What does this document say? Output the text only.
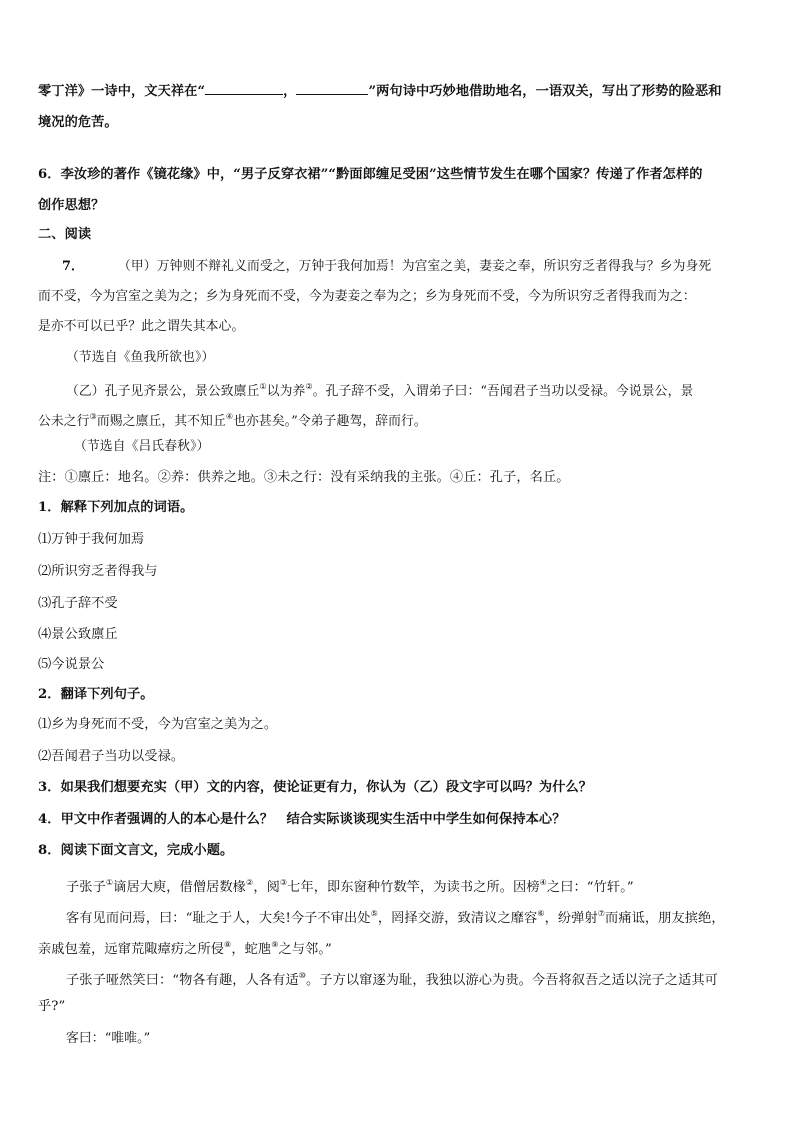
零丁洋》一诗中，文天祥在“	，	”两句诗中巧妙地借助地名，一语双关，写出了形势的险恶和
境况的危苦。
6．李汝珍的著作《镜花缘》中，“男子反穿衣裙”“黔面郎缠足受困”这些情节发生在哪个国家？传递了作者怎样的
创作思想？
二、阅读
7．	（甲）万钟则不辩礼义而受之，万钟于我何加焉！为宫室之美，妻妾之奉，所识穷乏者得我与？乡为身死
而不受，今为宫室之美为之；乡为身死而不受，今为妻妾之奉为之；乡为身死而不受，今为所识穷乏者得我而为之：
是亦不可以已乎？此之谓失其本心。
（节选自《鱼我所欲也》）
（乙）孔子见齐景公，景公致廪丘①以为养②。孔子辞不受，入谓弟子曰：“吾闻君子当功以受禄。今说景公，景
公未之行③而赐之廪丘，其不知丘④也亦甚矣。”令弟子趣驾，辞而行。
（节选自《吕氏春秋》）
注：①廪丘：地名。②养：供养之地。③未之行：没有采纳我的主张。④丘：孔子，名丘。
1．解释下列加点的词语。
⑴万钟于我何加焉
⑵所识穷乏者得我与
⑶孔子辞不受
⑷景公致廪丘
⑸今说景公
2．翻译下列句子。
⑴乡为身死而不受，今为宫室之美为之。
⑵吾闻君子当功以受禄。
3．如果我们想要充实（甲）文的内容，使论证更有力，你认为（乙）段文字可以吗？为什么？
4．甲文中作者强调的人的本心是什么？　结合实际谈谈现实生活中中学生如何保持本心？
8．阅读下面文言文，完成小题。
子张子①谪居大庾，借僧居数椽②，阅③七年，即东窗种竹数竿，为读书之所。因榜④之曰：“竹轩。”
客有见而问焉，曰：“耻之于人，大矣!今子不审出处⑤，罔择交游，致清议之靡容⑥，纷弹射⑦而痛诋，朋友摈绝，
亲戚包羞，远窜荒陬瘴疠之所侵⑧，蛇虺⑨之与邻。”
子张子哑然笑曰：“物各有趣，人各有适⑩。子方以窜逐为耻，我独以游心为贵。今吾将叙吾之适以浣子之适其可
乎?”
客曰：“唯唯。”
